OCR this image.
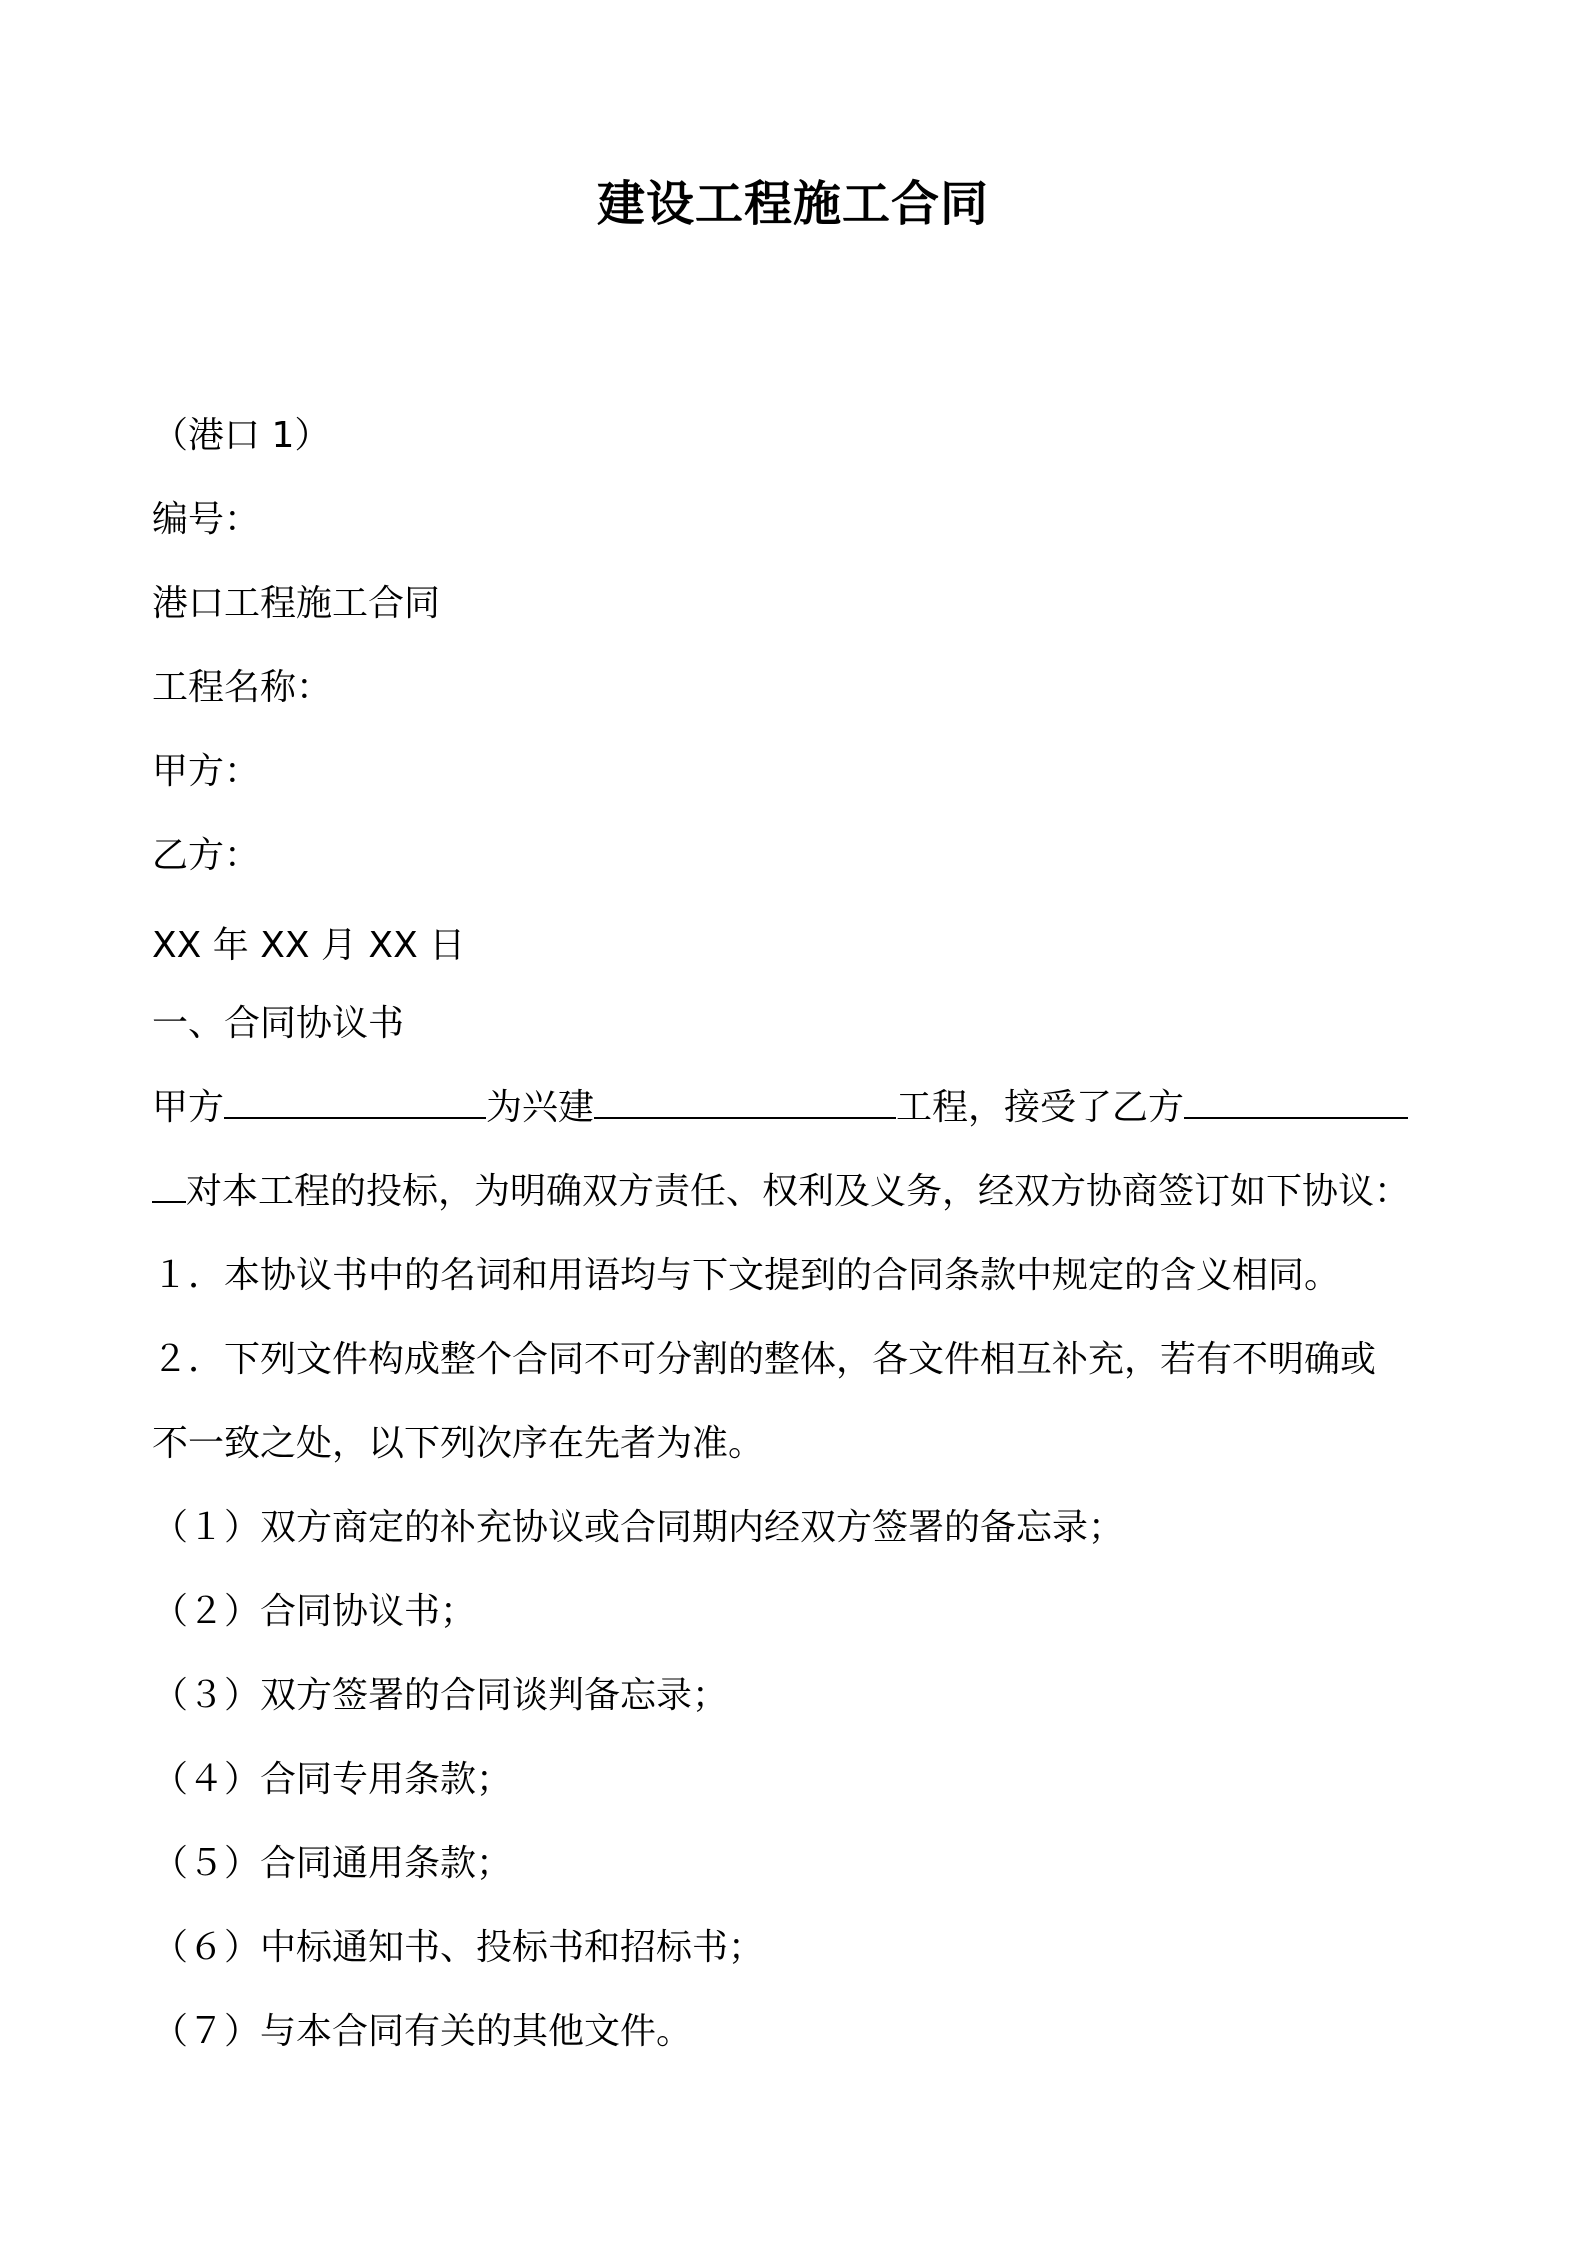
建设工程施工合同
（港口 1）
编号：
港口工程施工合同
工程名称：
甲方：
乙方：
XX 年 XX 月 XX 日
一、合同协议书
甲方	为兴建	工程，接受了乙方
对本工程的投标，为明确双方责任、权利及义务，经双方协商签订如下协议：
１．本协议书中的名词和用语均与下文提到的合同条款中规定的含义相同。
２．下列文件构成整个合同不可分割的整体，各文件相互补充，若有不明确或
不一致之处，以下列次序在先者为准。
（１）双方商定的补充协议或合同期内经双方签署的备忘录；
（２）合同协议书；
（３）双方签署的合同谈判备忘录；
（４）合同专用条款；
（５）合同通用条款；
（６）中标通知书、投标书和招标书；
（７）与本合同有关的其他文件。
